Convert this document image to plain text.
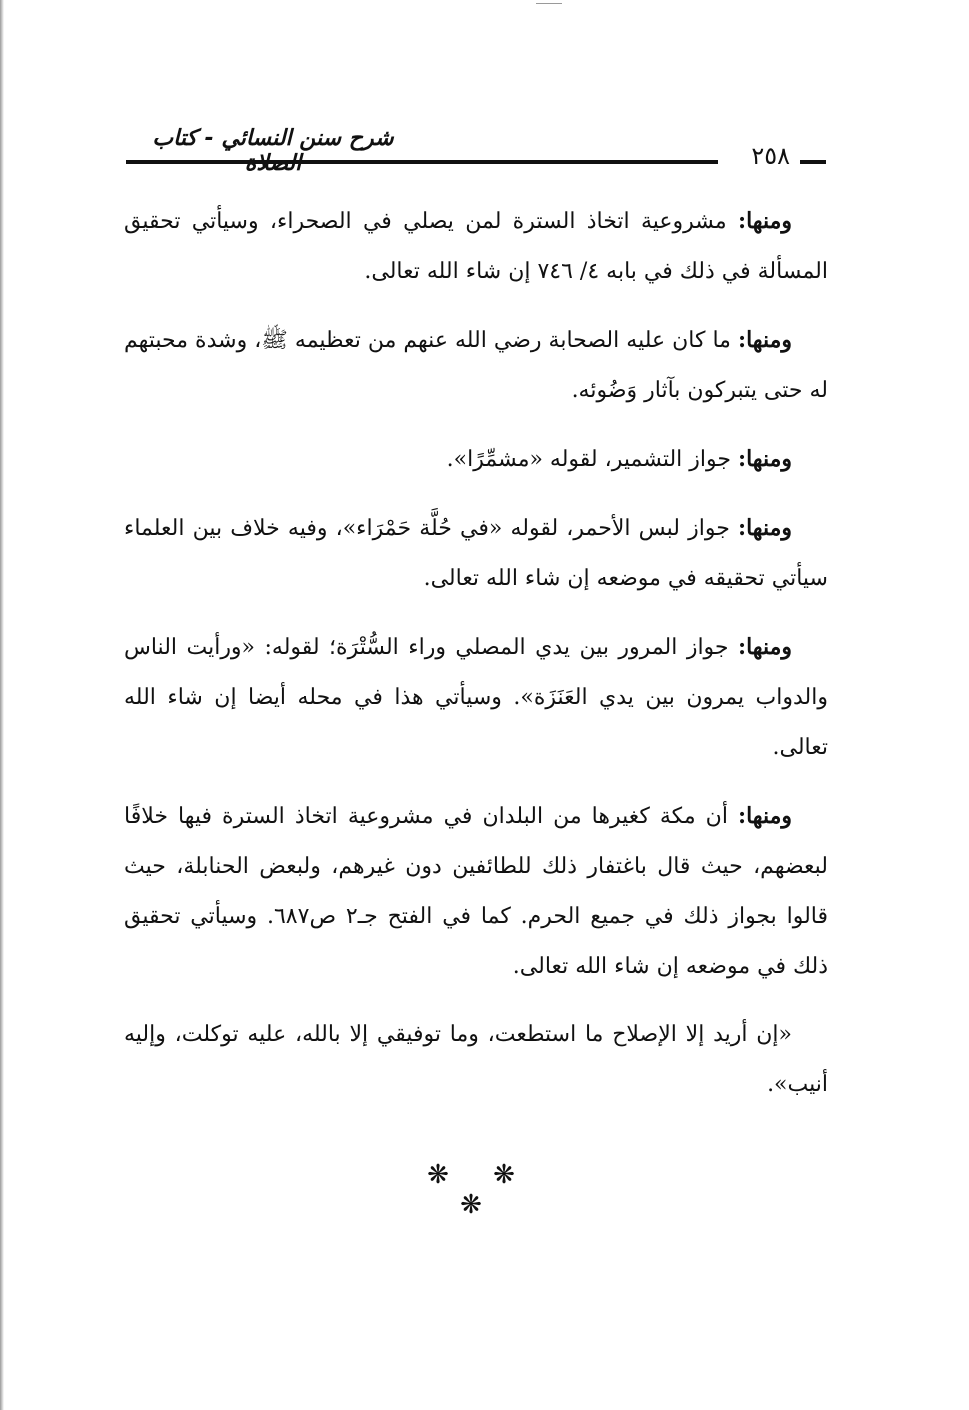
شرح سنن النسائي - كتاب
٢٥٨

ومنها: مشروعية اتخاذ السترة لمن يصلي في الصحراء، وسيأتي تحقيق المسألة في ذلك في بابه ٤/ ٧٤٦ إن شاء الله تعالى.

ومنها: ما كان عليه الصحابة رضي الله عنهم من تعظيمه ﷺ، وشدة محبتهم له حتى يتبركون بآثار وَضُوئه.

ومنها: جواز التشمير، لقوله «مشمِّرًا».

ومنها: جواز لبس الأحمر، لقوله «في حُلَّة حَمْرَاء»، وفيه خلاف بين العلماء سيأتي تحقيقه في موضعه إن شاء الله تعالى.

ومنها: جواز المرور بين يدي المصلي وراء السُّتْرَة؛ لقوله: «ورأيت الناس والدواب يمرون بين يدي العَنَزَة». وسيأتي هذا في محله أيضا إن شاء الله تعالى.

ومنها: أن مكة كغيرها من البلدان في مشروعية اتخاذ السترة فيها خلافًا لبعضهم، حيث قال باغتفار ذلك للطائفين دون غيرهم، ولبعض الحنابلة، حيث قالوا بجواز ذلك في جميع الحرم. كما في الفتح جـ٢ ص٦٨٧. وسيأتي تحقيق ذلك في موضعه إن شاء الله تعالى.

«إن أريد إلا الإصلاح ما استطعت، وما توفيقي إلا بالله، عليه توكلت، وإليه أنيب».

❋ ❋ ❋
